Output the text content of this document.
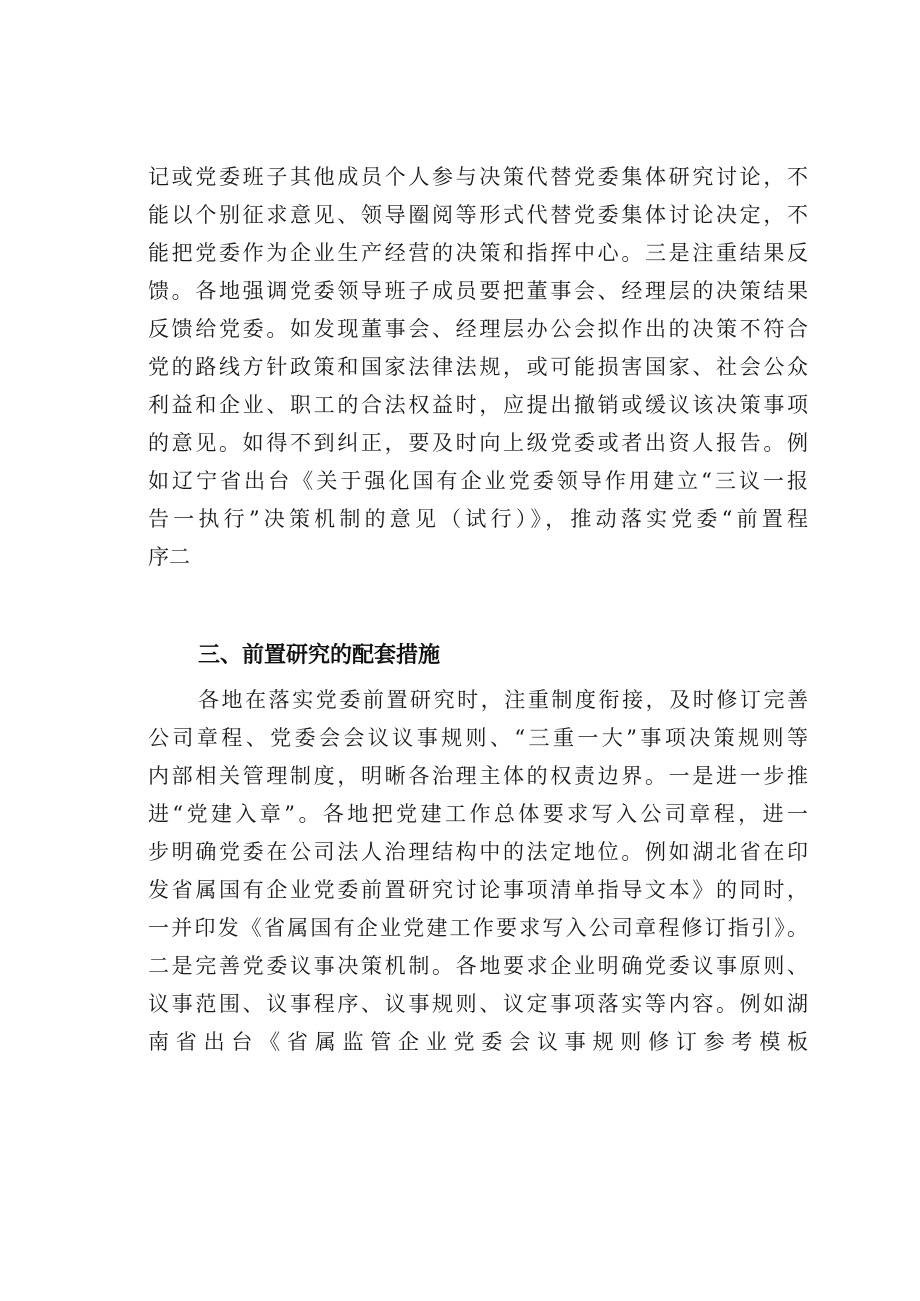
记或党委班子其他成员个人参与决策代替党委集体研究讨论，不
能以个别征求意见、领导圈阅等形式代替党委集体讨论决定，不
能把党委作为企业生产经营的决策和指挥中心。三是注重结果反
馈。各地强调党委领导班子成员要把董事会、经理层的决策结果
反馈给党委。如发现董事会、经理层办公会拟作出的决策不符合
党的路线方针政策和国家法律法规，或可能损害国家、社会公众
利益和企业、职工的合法权益时，应提出撤销或缓议该决策事项
的意见。如得不到纠正，要及时向上级党委或者出资人报告。例
如辽宁省出台《关于强化国有企业党委领导作用建立“三议一报
告一执行”决策机制的意见（试行）》，推动落实党委“前置程
序二
三、前置研究的配套措施
各地在落实党委前置研究时，注重制度衔接，及时修订完善
公司章程、党委会会议议事规则、“三重一大”事项决策规则等
内部相关管理制度，明晰各治理主体的权责边界。一是进一步推
进“党建入章”。各地把党建工作总体要求写入公司章程，进一
步明确党委在公司法人治理结构中的法定地位。例如湖北省在印
发省属国有企业党委前置研究讨论事项清单指导文本》的同时，
一并印发《省属国有企业党建工作要求写入公司章程修订指引》。
二是完善党委议事决策机制。各地要求企业明确党委议事原则、
议事范围、议事程序、议事规则、议定事项落实等内容。例如湖
南省出台《省属监管企业党委会议事规则修订参考模板
